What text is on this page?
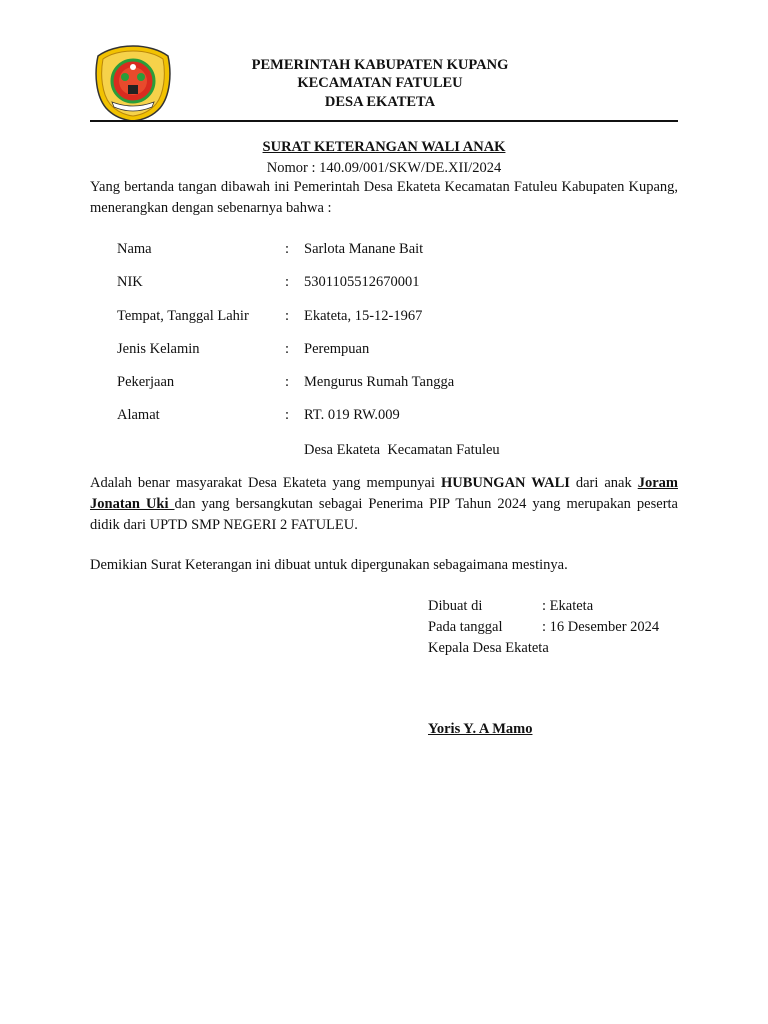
PEMERINTAH KABUPATEN KUPANG
KECAMATAN FATULEU
DESA EKATETA
SURAT KETERANGAN WALI ANAK
Nomor : 140.09/001/SKW/DE.XII/2024
Yang bertanda tangan dibawah ini Pemerintah Desa Ekateta Kecamatan Fatuleu Kabupaten Kupang, menerangkan dengan sebenarnya bahwa :
Nama	: Sarlota Manane Bait
NIK	: 5301105512670001
Tempat, Tanggal Lahir	: Ekateta, 15-12-1967
Jenis Kelamin	: Perempuan
Pekerjaan	: Mengurus Rumah Tangga
Alamat	: RT. 019 RW.009
Desa Ekateta  Kecamatan Fatuleu
Adalah benar masyarakat Desa Ekateta yang mempunyai HUBUNGAN WALI dari anak Joram Jonatan Uki dan yang bersangkutan sebagai Penerima PIP Tahun 2024 yang merupakan peserta didik dari UPTD SMP NEGERI 2 FATULEU.
Demikian Surat Keterangan ini dibuat untuk dipergunakan sebagaimana mestinya.
Dibuat di	: Ekateta
Pada tanggal	: 16 Desember 2024
Kepala Desa Ekateta
Yoris Y. A Mamo
